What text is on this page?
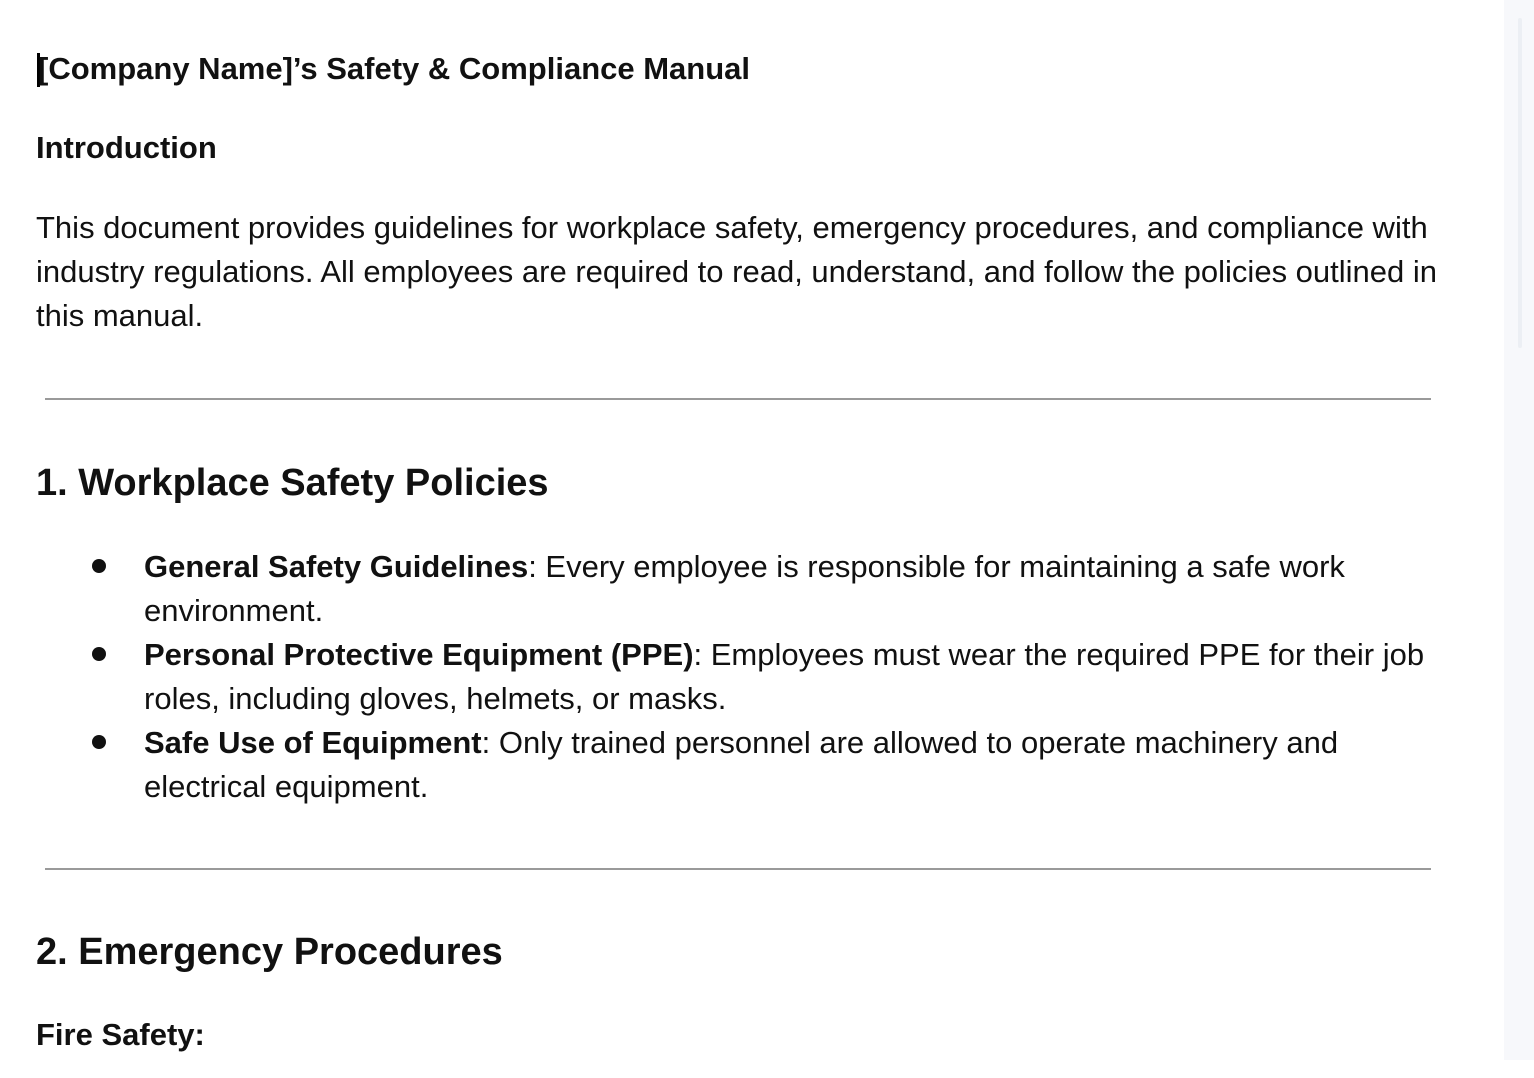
[Company Name]’s Safety & Compliance Manual
Introduction
This document provides guidelines for workplace safety, emergency procedures, and compliance with industry regulations. All employees are required to read, understand, and follow the policies outlined in this manual.
1. Workplace Safety Policies
General Safety Guidelines: Every employee is responsible for maintaining a safe work environment.
Personal Protective Equipment (PPE): Employees must wear the required PPE for their job roles, including gloves, helmets, or masks.
Safe Use of Equipment: Only trained personnel are allowed to operate machinery and electrical equipment.
2. Emergency Procedures
Fire Safety:
